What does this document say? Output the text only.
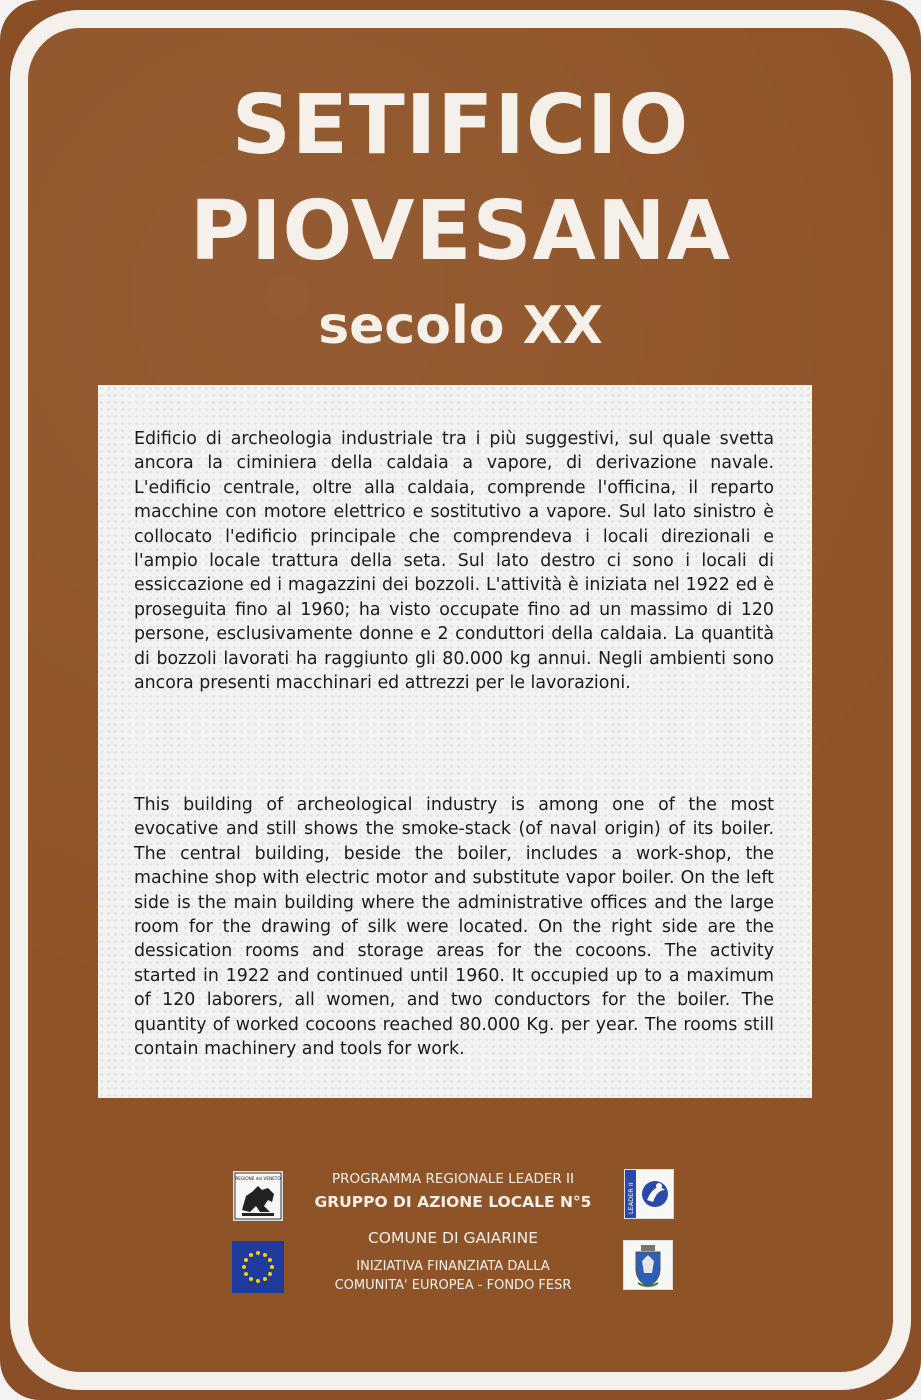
SETIFICIO
PIOVESANA
secolo XX

Edificio di archeologia industriale tra i più suggestivi, sul quale svetta ancora la ciminiera della caldaia a vapore, di derivazione navale. L'edificio centrale, oltre alla caldaia, comprende l'officina, il reparto macchine con motore elettrico e sostitutivo a vapore. Sul lato sinistro è collocato l'edificio principale che comprendeva i locali direzionali e l'ampio locale trattura della seta. Sul lato destro ci sono i locali di essiccazione ed i magazzini dei bozzoli. L'attività è iniziata nel 1922 ed è proseguita fino al 1960; ha visto occupate fino ad un massimo di 120 persone, esclusivamente donne e 2 conduttori della caldaia. La quantità di bozzoli lavorati ha raggiunto gli 80.000 kg annui. Negli ambienti sono ancora presenti macchinari ed attrezzi per le lavorazioni.

This building of archeological industry is among one of the most evocative and still shows the smoke-stack (of naval origin) of its boiler. The central building, beside the boiler, includes a work-shop, the machine shop with electric motor and substitute vapor boiler. On the left side is the main building where the administrative offices and the large room for the drawing of silk were located. On the right side are the dessication rooms and storage areas for the cocoons. The activity started in 1922 and continued until 1960. It occupied up to a maximum of 120 laborers, all women, and two conductors for the boiler. The quantity of worked cocoons reached 80.000 Kg. per year. The rooms still contain machinery and tools for work.

REGIONE del VENETO
LEADER II

PROGRAMMA REGIONALE LEADER II

GRUPPO DI AZIONE LOCALE N°5

COMUNE DI GAIARINE

INIZIATIVA FINANZIATA DALLA

COMUNITA' EUROPEA - FONDO FESR
